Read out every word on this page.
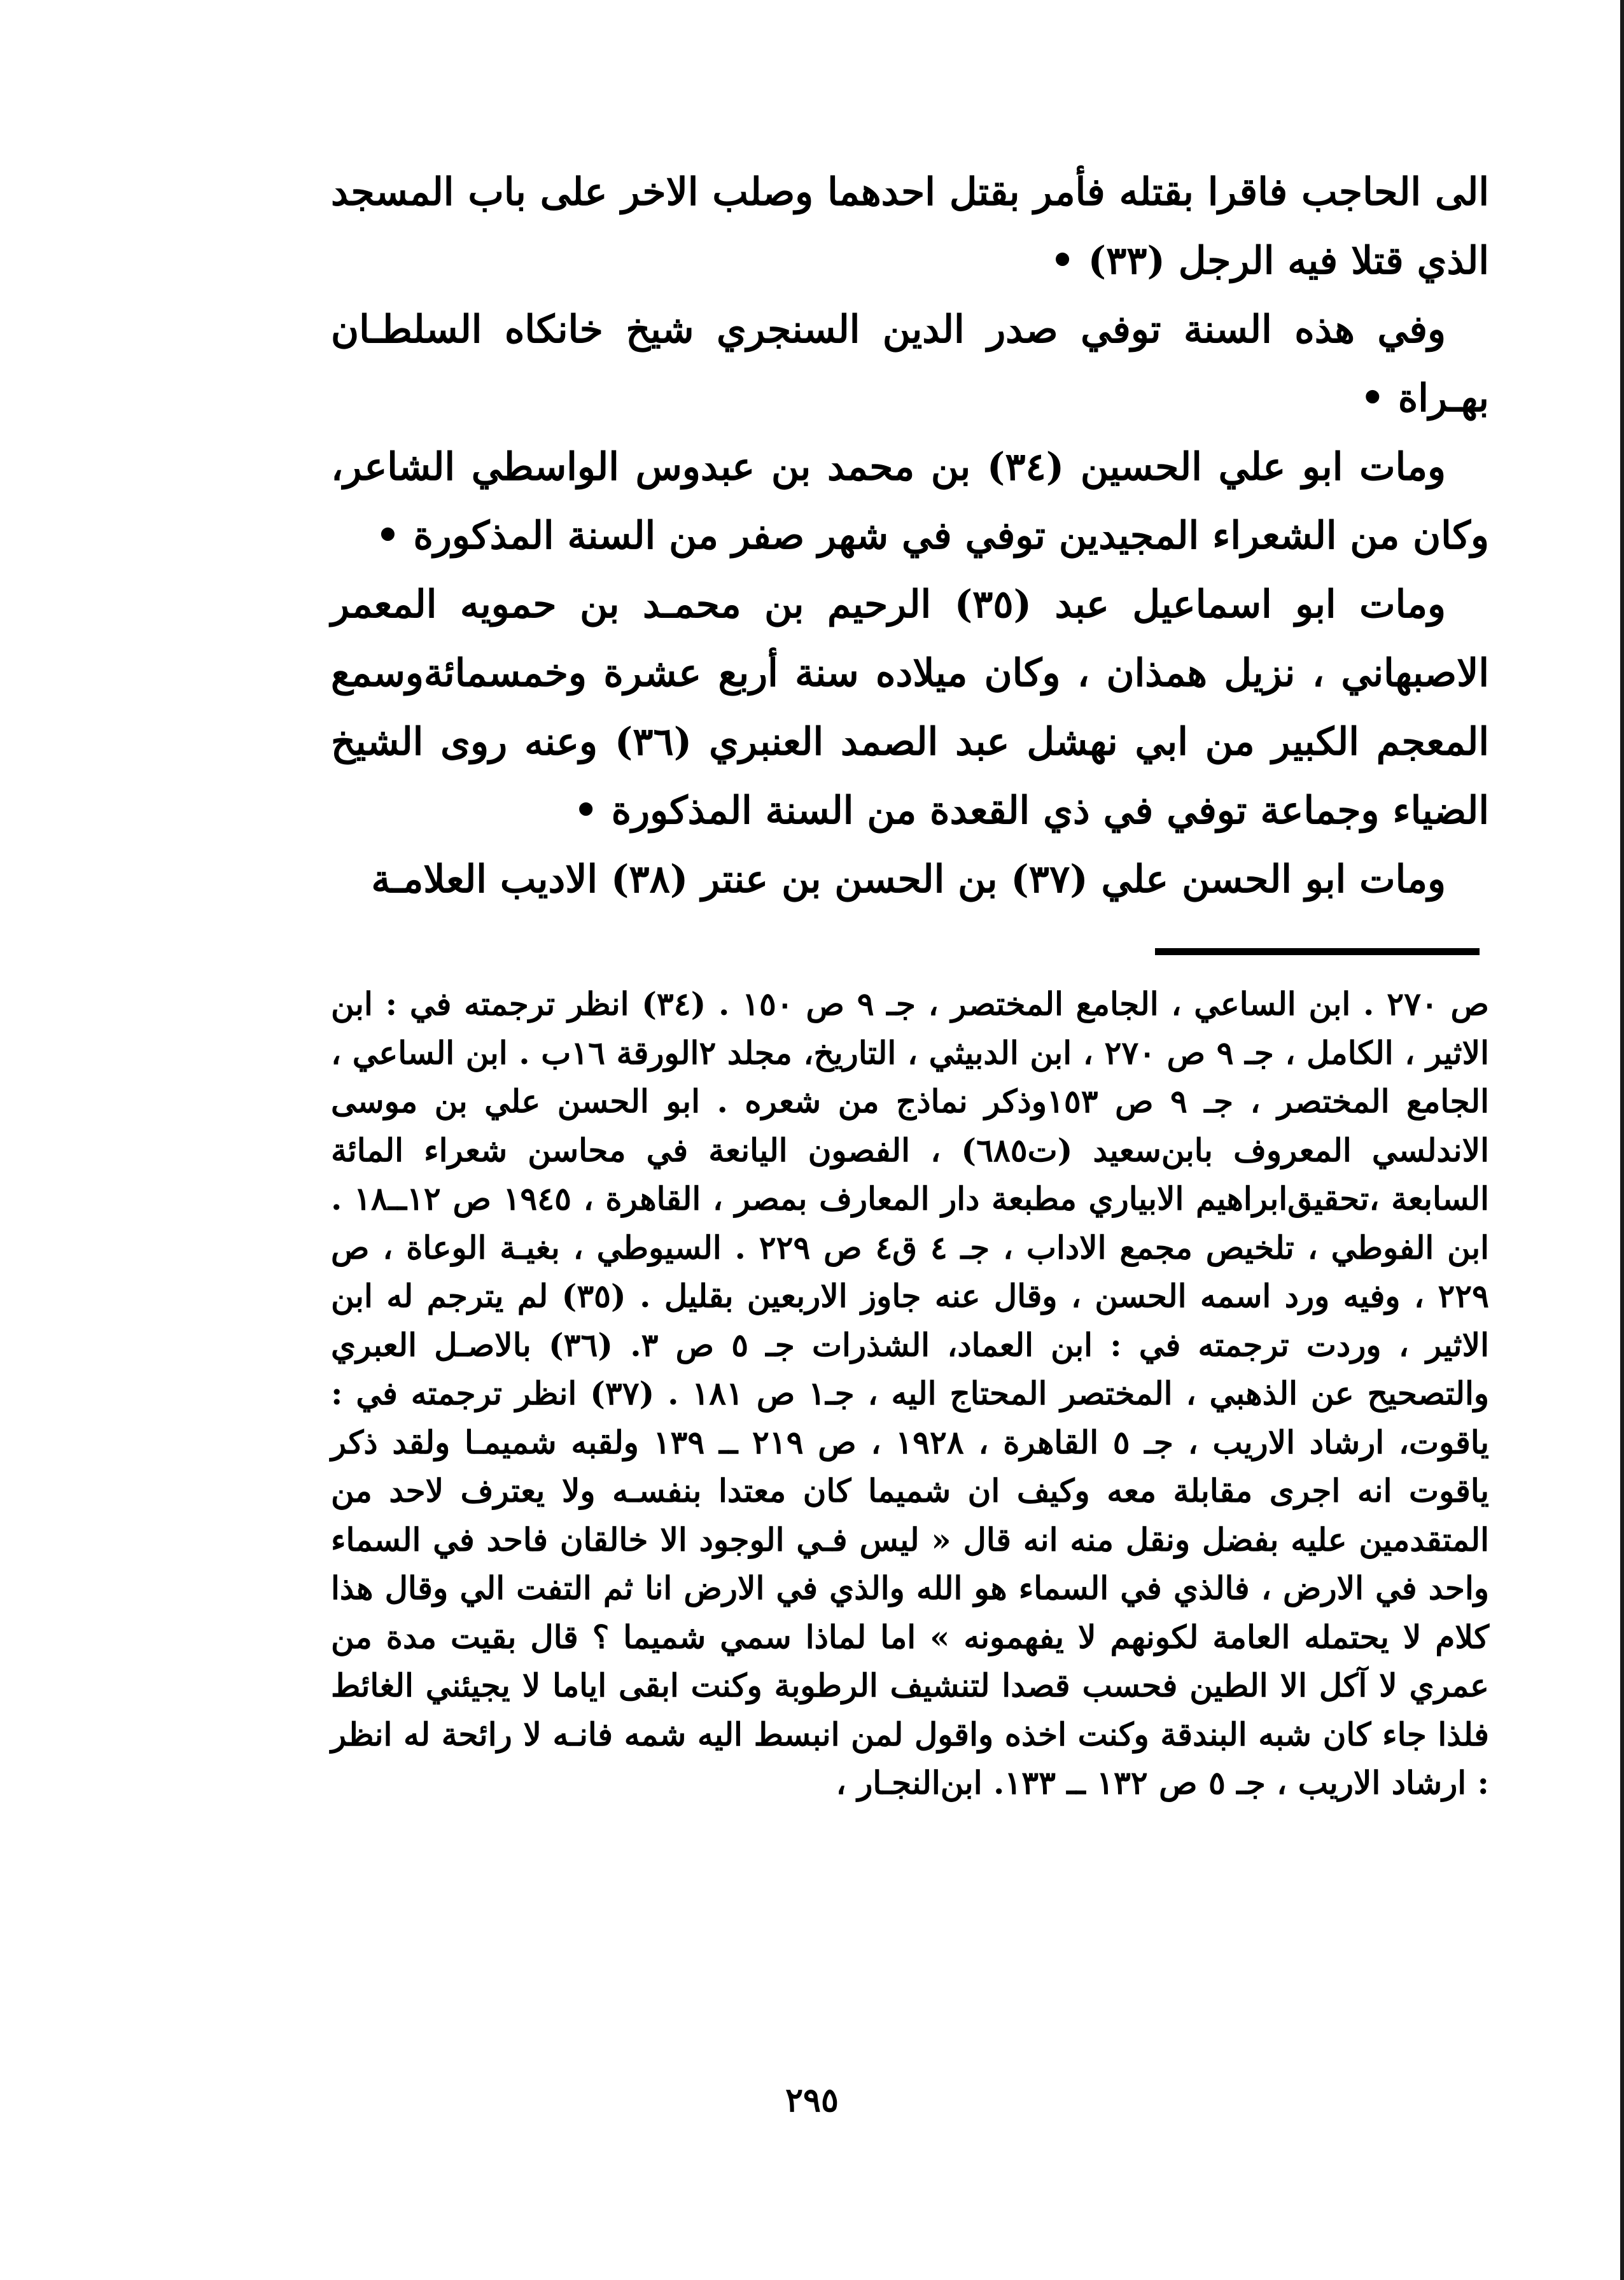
الى الحاجب فاقرا بقتله فأمر بقتل احدهما وصلب الاخر على باب المسجد الذي قتلا فيه الرجل (٣٣) •

وفي هذه السنة توفي صدر الدين السنجري شيخ خانكاه السلطـان بهـراة •

ومات ابو علي الحسين (٣٤) بن محمد بن عبدوس الواسطي الشاعر، وكان من الشعراء المجيدين توفي في شهر صفر من السنة المذكورة •

ومات ابو اسماعيل عبد (٣٥) الرحيم بن محمـد بن حمويه المعمر الاصبهاني ، نزيل همذان ، وكان ميلاده سنة أربع عشرة وخمسمائةوسمع المعجم الكبير من ابي نهشل عبد الصمد العنبري (٣٦) وعنه روى الشيخ الضياء وجماعة توفي في ذي القعدة من السنة المذكورة •

ومات ابو الحسن علي (٣٧) بن الحسن بن عنتر (٣٨) الاديب العلامـة

ص ٢٧٠ . ابن الساعي ، الجامع المختصر ، جـ ٩ ص ١٥٠ . (٣٤) انظر ترجمته في : ابن الاثير ، الكامل ، جـ ٩ ص ٢٧٠ ، ابن الدبيثي ، التاريخ، مجلد ٢الورقة ١٦ب . ابن الساعي ، الجامع المختصر ، جـ ٩ ص ١٥٣وذكر نماذج من شعره . ابو الحسن علي بن موسى الاندلسي المعروف بابن‌سعيد (ت٦٨٥) ، الفصون اليانعة في محاسن شعراء المائة السابعة ،تحقيق‌ابراهيم الابياري مطبعة دار المعارف بمصر ، القاهرة ، ١٩٤٥ ص ١٢ــ١٨ . ابن الفوطي ، تلخيص مجمع الاداب ، جـ ٤ ق٤ ص ٢٢٩ . السيوطي ، بغيـة الوعاة ، ص ٢٢٩ ، وفيه ورد اسمه الحسن ، وقال عنه جاوز الاربعين بقليل . (٣٥) لم يترجم له ابن الاثير ، وردت ترجمته في : ابن العماد، الشذرات جـ ٥ ص ٣. (٣٦) بالاصـل العبري والتصحيح عن الذهبي ، المختصر المحتاج اليه ، جـ١ ص ١٨١ . (٣٧) انظر ترجمته في : ياقوت، ارشاد الاريب ، جـ ٥ القاهرة ، ١٩٢٨ ، ص ٢١٩ ــ ١٣٩ ولقبه شميمـا ولقد ذكر ياقوت انه اجرى مقابلة معه وكيف ان شميما كان معتدا بنفسـه ولا يعترف لاحد من المتقدمين عليه بفضل ونقل منه انه قال « ليس فـي الوجود الا خالقان فاحد في السماء واحد في الارض ، فالذي في السماء هو الله والذي في الارض انا ثم التفت الي وقال هذا كلام لا يحتمله العامة لكونهم لا يفهمونه » اما لماذا سمي شميما ؟ قال بقيت مدة من عمري لا آكل الا الطين فحسب قصدا لتنشيف الرطوبة وكنت ابقى اياما لا يجيئني الغائط فلذا جاء كان شبه البندقة وكنت اخذه واقول لمن انبسط اليه شمه فانـه لا رائحة له انظر : ارشاد الاريب ، جـ ٥ ص ١٣٢ ــ ١٣٣. ابن‌النجـار ،
٢٩٥
